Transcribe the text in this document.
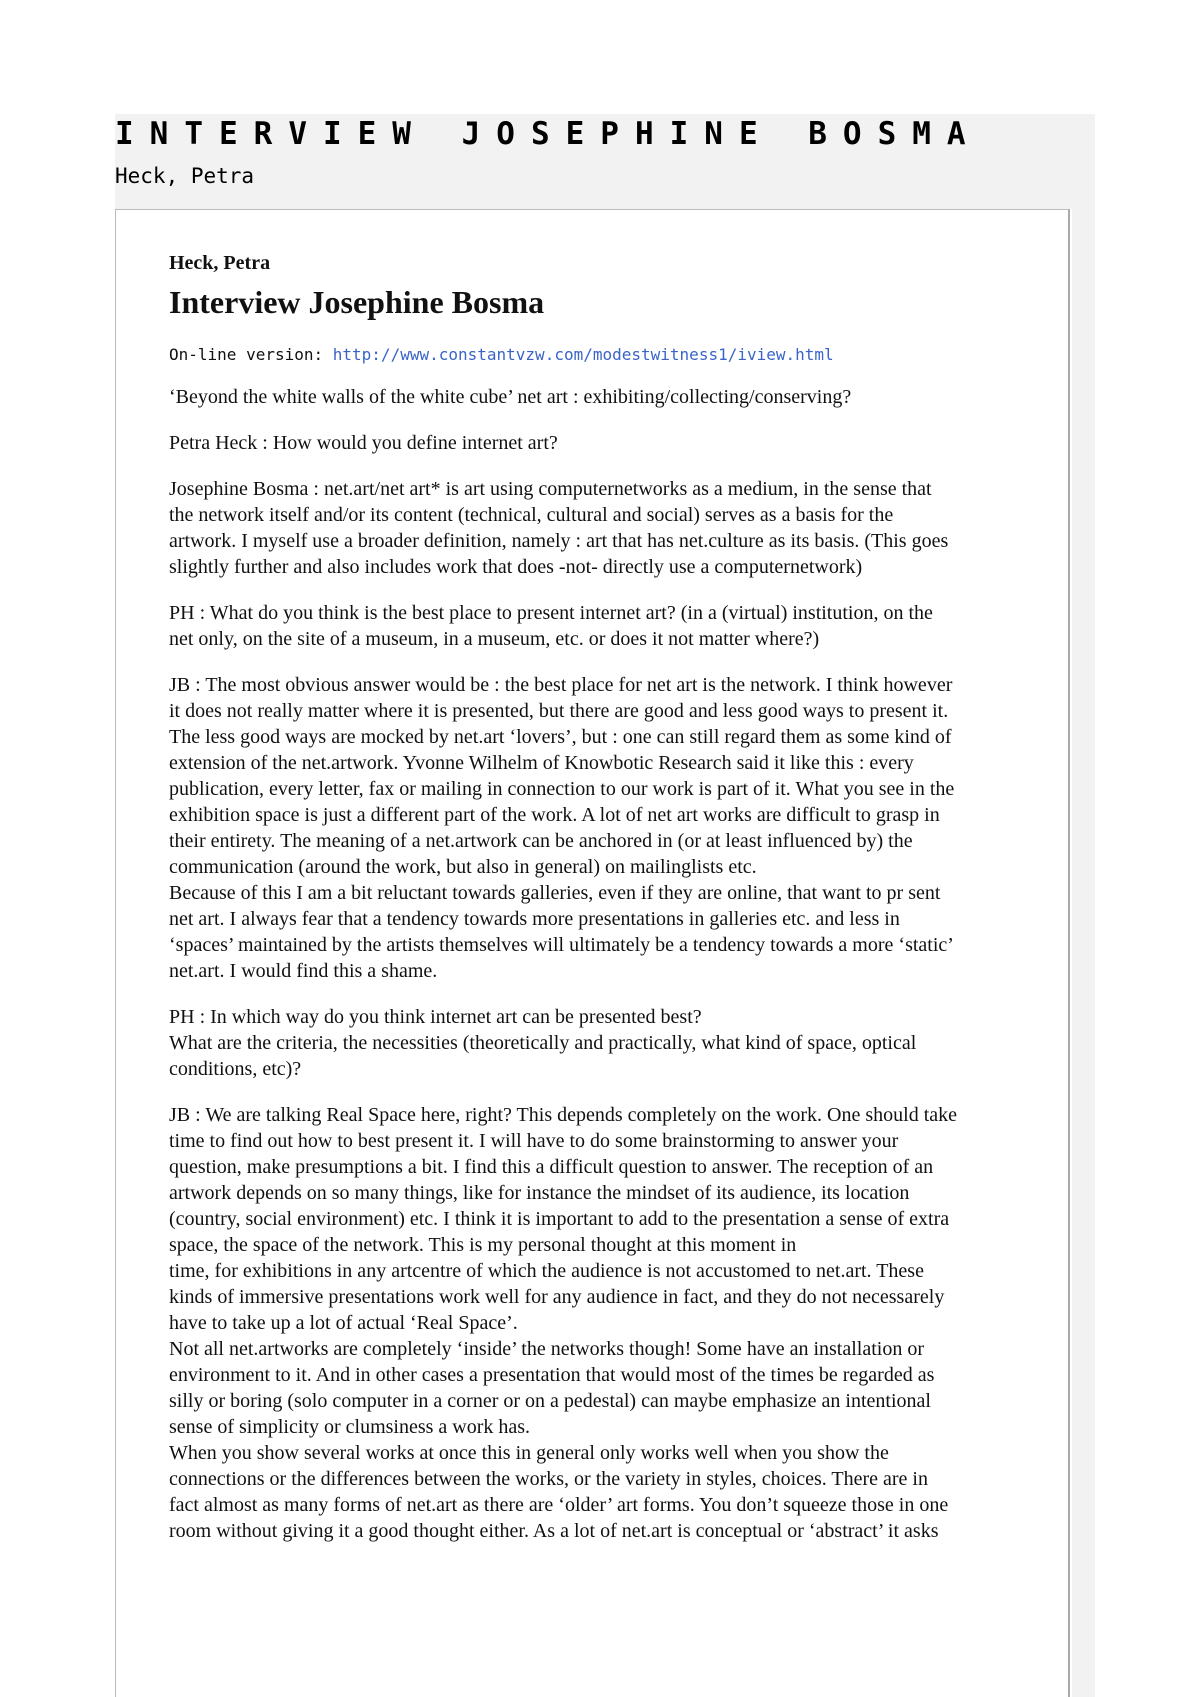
INTERVIEW JOSEPHINE BOSMA
Heck, Petra
Heck, Petra
Interview Josephine Bosma
On-line version: http://www.constantvzw.com/modestwitness1/iview.html
‘Beyond the white walls of the white cube’ net art : exhibiting/collecting/conserving?
Petra Heck : How would you define internet art?
Josephine Bosma : net.art/net art* is art using computernetworks as a medium, in the sense that
the network itself and/or its content (technical, cultural and social) serves as a basis for the
artwork. I myself use a broader definition, namely : art that has net.culture as its basis. (This goes
slightly further and also includes work that does -not- directly use a computernetwork)
PH : What do you think is the best place to present internet art? (in a (virtual) institution, on the
net only, on the site of a museum, in a museum, etc. or does it not matter where?)
JB : The most obvious answer would be : the best place for net art is the network. I think however
it does not really matter where it is presented, but there are good and less good ways to present it.
The less good ways are mocked by net.art ‘lovers’, but : one can still regard them as some kind of
extension of the net.artwork. Yvonne Wilhelm of Knowbotic Research said it like this : every
publication, every letter, fax or mailing in connection to our work is part of it. What you see in the
exhibition space is just a different part of the work. A lot of net art works are difficult to grasp in
their entirety. The meaning of a net.artwork can be anchored in (or at least influenced by) the
communication (around the work, but also in general) on mailinglists etc.
Because of this I am a bit reluctant towards galleries, even if they are online, that want to pr sent
net art. I always fear that a tendency towards more presentations in galleries etc. and less in
‘spaces’ maintained by the artists themselves will ultimately be a tendency towards a more ‘static’
net.art. I would find this a shame.
PH : In which way do you think internet art can be presented best?
What are the criteria, the necessities (theoretically and practically, what kind of space, optical
conditions, etc)?
JB : We are talking Real Space here, right? This depends completely on the work. One should take
time to find out how to best present it. I will have to do some brainstorming to answer your
question, make presumptions a bit. I find this a difficult question to answer. The reception of an
artwork depends on so many things, like for instance the mindset of its audience, its location
(country, social environment) etc. I think it is important to add to the presentation a sense of extra
space, the space of the network. This is my personal thought at this moment in
time, for exhibitions in any artcentre of which the audience is not accustomed to net.art. These
kinds of immersive presentations work well for any audience in fact, and they do not necessarely
have to take up a lot of actual ‘Real Space’.
Not all net.artworks are completely ‘inside’ the networks though! Some have an installation or
environment to it. And in other cases a presentation that would most of the times be regarded as
silly or boring (solo computer in a corner or on a pedestal) can maybe emphasize an intentional
sense of simplicity or clumsiness a work has.
When you show several works at once this in general only works well when you show the
connections or the differences between the works, or the variety in styles, choices. There are in
fact almost as many forms of net.art as there are ‘older’ art forms. You don’t squeeze those in one
room without giving it a good thought either. As a lot of net.art is conceptual or ‘abstract’ it asks
